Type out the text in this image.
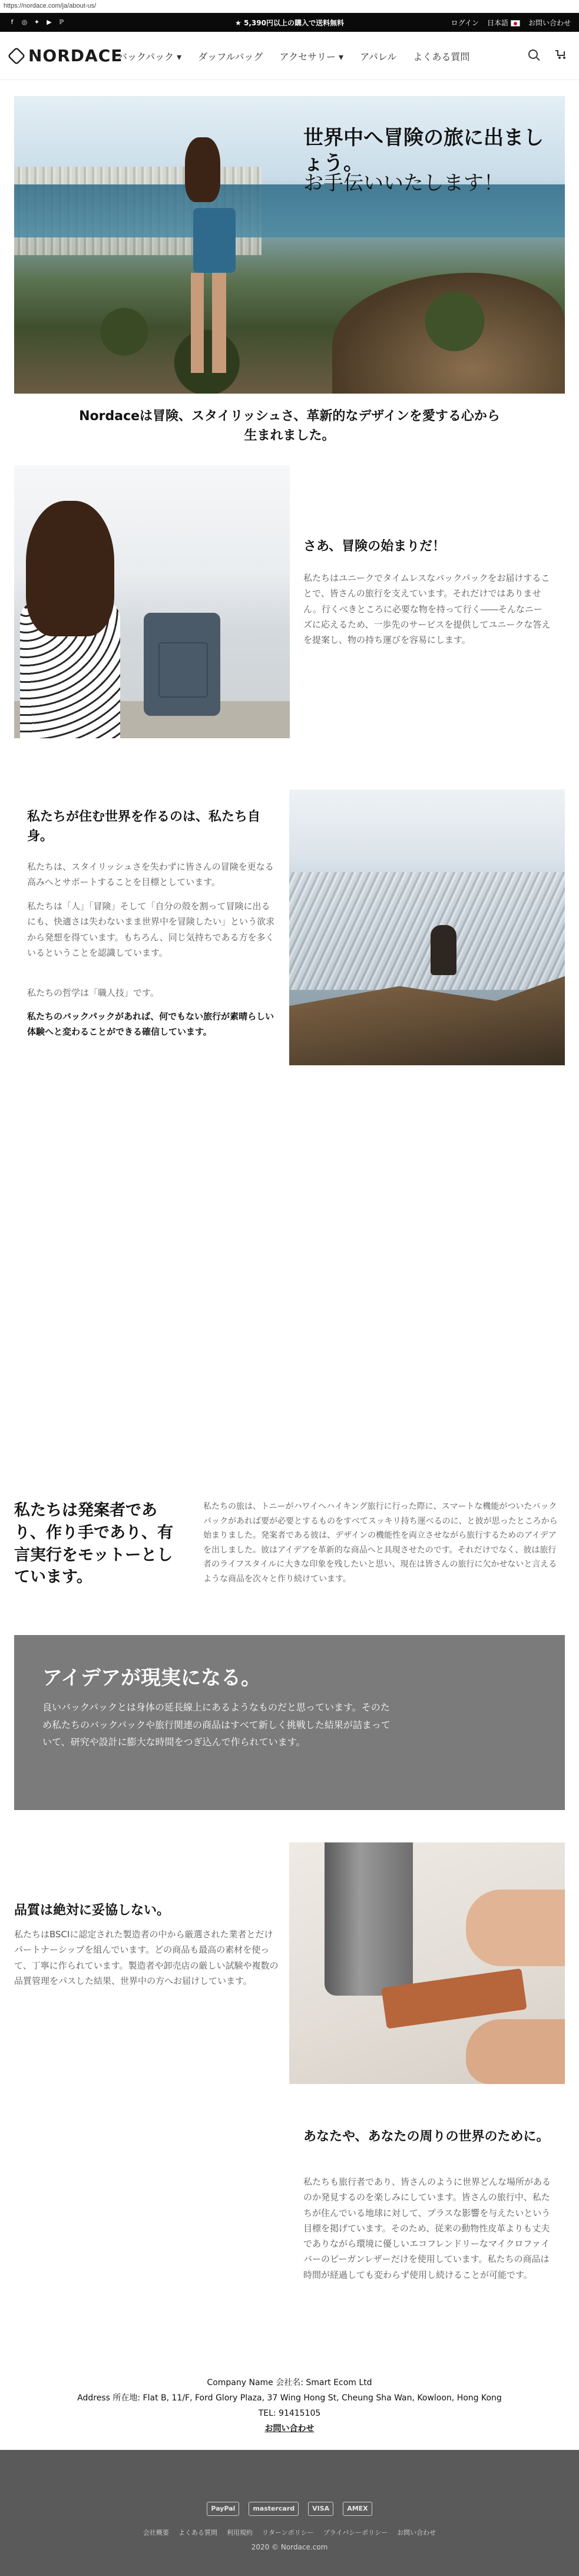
https://nordace.com/ja/about-us/
f	◎ ✦ ▶ ℙ	★ 5,390円以上の購入で送料無料	ログイン 日本語	お問い合わせ
NORDACE
バックパック ▾ ダッフルバッグ アクセサリー ▾ アパレル よくある質問
世界中へ冒険の旅に出ましょう。
お手伝いいたします！
Nordaceは冒険、スタイリッシュさ、革新的なデザインを愛する心から生まれました。
さあ、冒険の始まりだ！
私たちはユニークでタイムレスなバックパックをお届けすることで、皆さんの旅行を支えています。それだけではありません。行くべきところに必要な物を持って行く――そんなニーズに応えるため、一歩先のサービスを提供してユニークな答えを提案し、物の持ち運びを容易にします。
私たちが住む世界を作るのは、私たち自身。
私たちは、スタイリッシュさを失わずに皆さんの冒険を更なる高みへとサポートすることを目標としています。
私たちは「人」「冒険」そして「自分の殻を割って冒険に出るにも、快適さは失わないまま世界中を冒険したい」という欲求から発想を得ています。もちろん、同じ気持ちである方を多くいるということを認識しています。
私たちの哲学は「職人技」です。
私たちのバックパックがあれば、何でもない旅行が素晴らしい体験へと変わることができる確信しています。
私たちは発案者であり、作り手であり、有言実行をモットーとしています。
私たちの旅は、トニーがハワイへハイキング旅行に行った際に、スマートな機能がついたバックパックがあれば要が必要とするものをすべてスッキリ持ち運べるのに、と彼が思ったところから始まりました。発案者である彼は、デザインの機能性を両立させながら旅行するためのアイデアを出しました。彼はアイデアを革新的な商品へと具現させたのです。それだけでなく、彼は旅行者のライフスタイルに大きな印象を残したいと思い、現在は皆さんの旅行に欠かせないと言えるような商品を次々と作り続けています。
アイデアが現実になる。
良いバックパックとは身体の延長線上にあるようなものだと思っています。そのため私たちのバックパックや旅行関連の商品はすべて新しく挑戦した結果が詰まっていて、研究や設計に膨大な時間をつぎ込んで作られています。
品質は絶対に妥協しない。
私たちはBSCIに認定された製造者の中から厳選された業者とだけパートナーシップを組んでいます。どの商品も最高の素材を使って、丁寧に作られています。製造者や卸売店の厳しい試験や複数の品質管理をパスした結果、世界中の方へお届けしています。
あなたや、あなたの周りの世界のために。
私たちも旅行者であり、皆さんのように世界どんな場所があるのか発見するのを楽しみにしています。皆さんの旅行中、私たちが住んでいる地球に対して、プラスな影響を与えたいという目標を掲げています。そのため、従来の動物性皮革よりも丈夫でありながら環境に優しいエコフレンドリーなマイクロファイバーのビーガンレザーだけを使用しています。私たちの商品は時間が経過しても変わらず使用し続けることが可能です。
Company Name 会社名: Smart Ecom Ltd
Address 所在地: Flat B, 11/F, Ford Glory Plaza, 37 Wing Hong St, Cheung Sha Wan, Kowloon, Hong Kong
TEL: 91415105
お問い合わせ
PayPal	mastercard	VISA	AMEX
会社概要 よくある質問 利用規約 リターンポリシー プライバシーポリシー お問い合わせ
2020 © Nordace.com
